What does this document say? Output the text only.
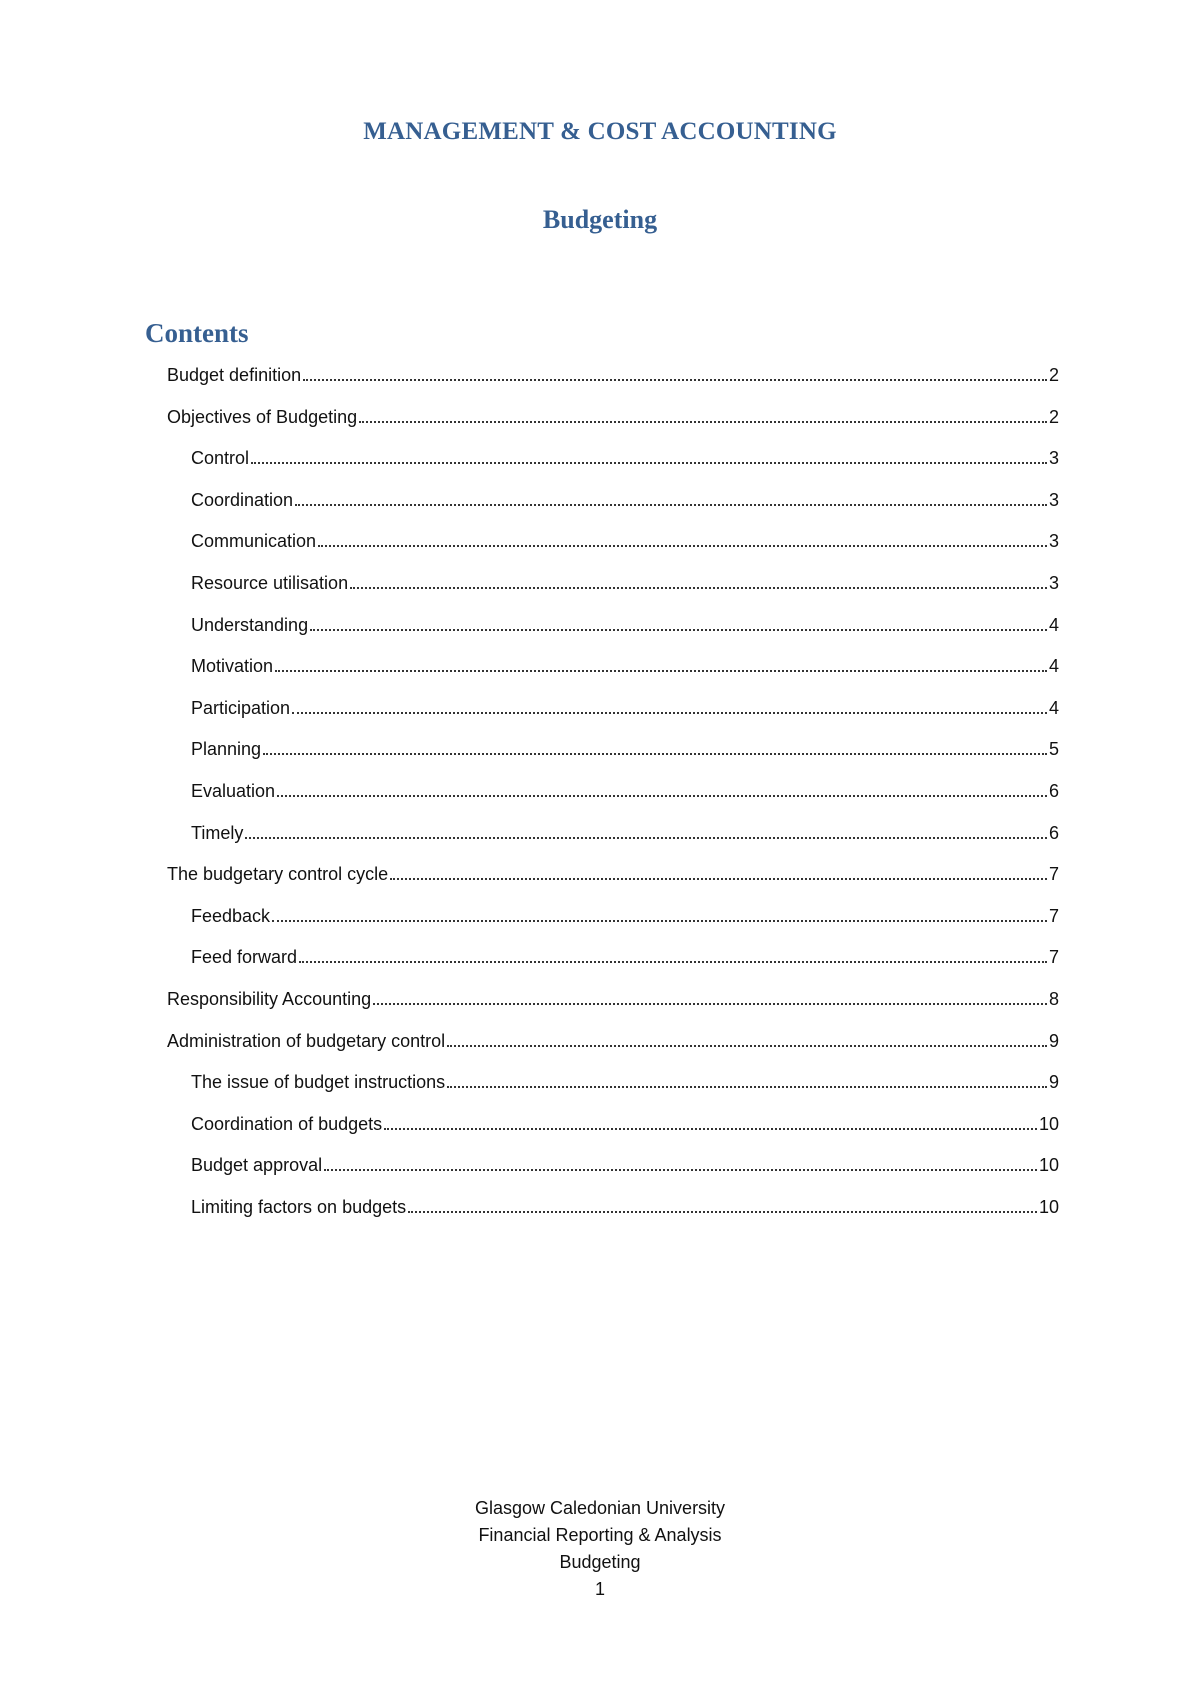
MANAGEMENT & COST ACCOUNTING
Budgeting
Contents
Budget definition	2
Objectives of Budgeting	2
Control	3
Coordination	3
Communication	3
Resource utilisation	3
Understanding	4
Motivation	4
Participation	4
Planning	5
Evaluation	6
Timely	6
The budgetary control cycle	7
Feedback	7
Feed forward	7
Responsibility Accounting	8
Administration of budgetary control	9
The issue of budget instructions	9
Coordination of budgets	10
Budget approval	10
Limiting factors on budgets	10
Glasgow Caledonian University
Financial Reporting & Analysis
Budgeting
1
